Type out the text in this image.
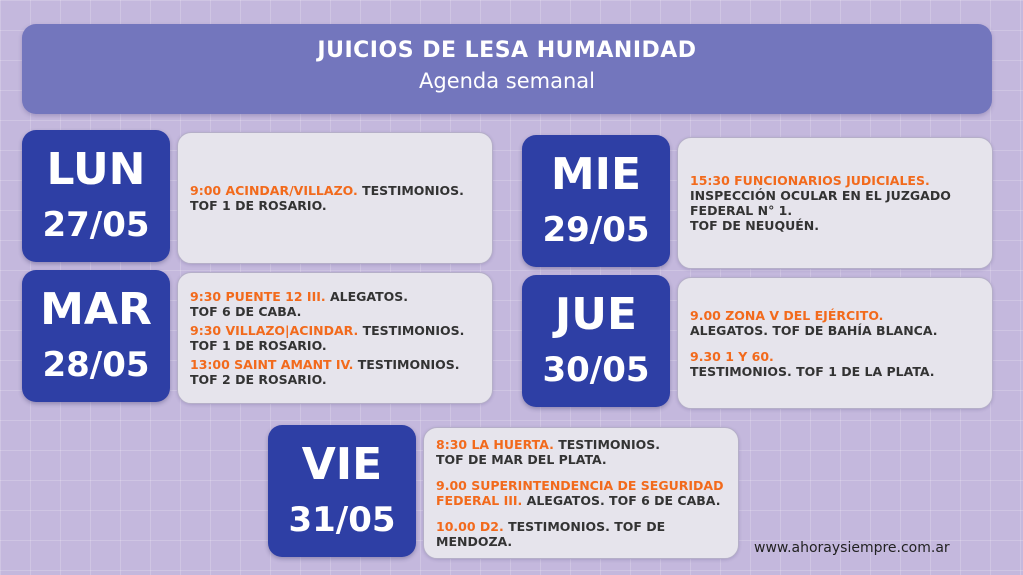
JUICIOS DE LESA HUMANIDAD
Agenda semanal
LUN
27/05
9:00 ACINDAR/VILLAZO. TESTIMONIOS.
TOF 1 DE ROSARIO.
MAR
28/05
9:30 PUENTE 12 III. ALEGATOS.
TOF 6 DE CABA.
9:30 VILLAZO|ACINDAR. TESTIMONIOS.
TOF 1 DE ROSARIO.
13:00 SAINT AMANT IV. TESTIMONIOS.
TOF 2 DE ROSARIO.
MIE
29/05
15:30 FUNCIONARIOS JUDICIALES.
INSPECCIÓN OCULAR EN EL JUZGADO
FEDERAL N° 1.
TOF DE NEUQUÉN.
JUE
30/05
9.00 ZONA V DEL EJÉRCITO.
ALEGATOS. TOF DE BAHÍA BLANCA.
9.30 1 Y 60.
TESTIMONIOS. TOF 1 DE LA PLATA.
VIE
31/05
8:30 LA HUERTA. TESTIMONIOS.
TOF DE MAR DEL PLATA.
9.00 SUPERINTENDENCIA DE SEGURIDAD
FEDERAL III. ALEGATOS. TOF 6 DE CABA.
10.00 D2. TESTIMONIOS. TOF DE MENDOZA.	www.ahoraysiempre.com.ar
